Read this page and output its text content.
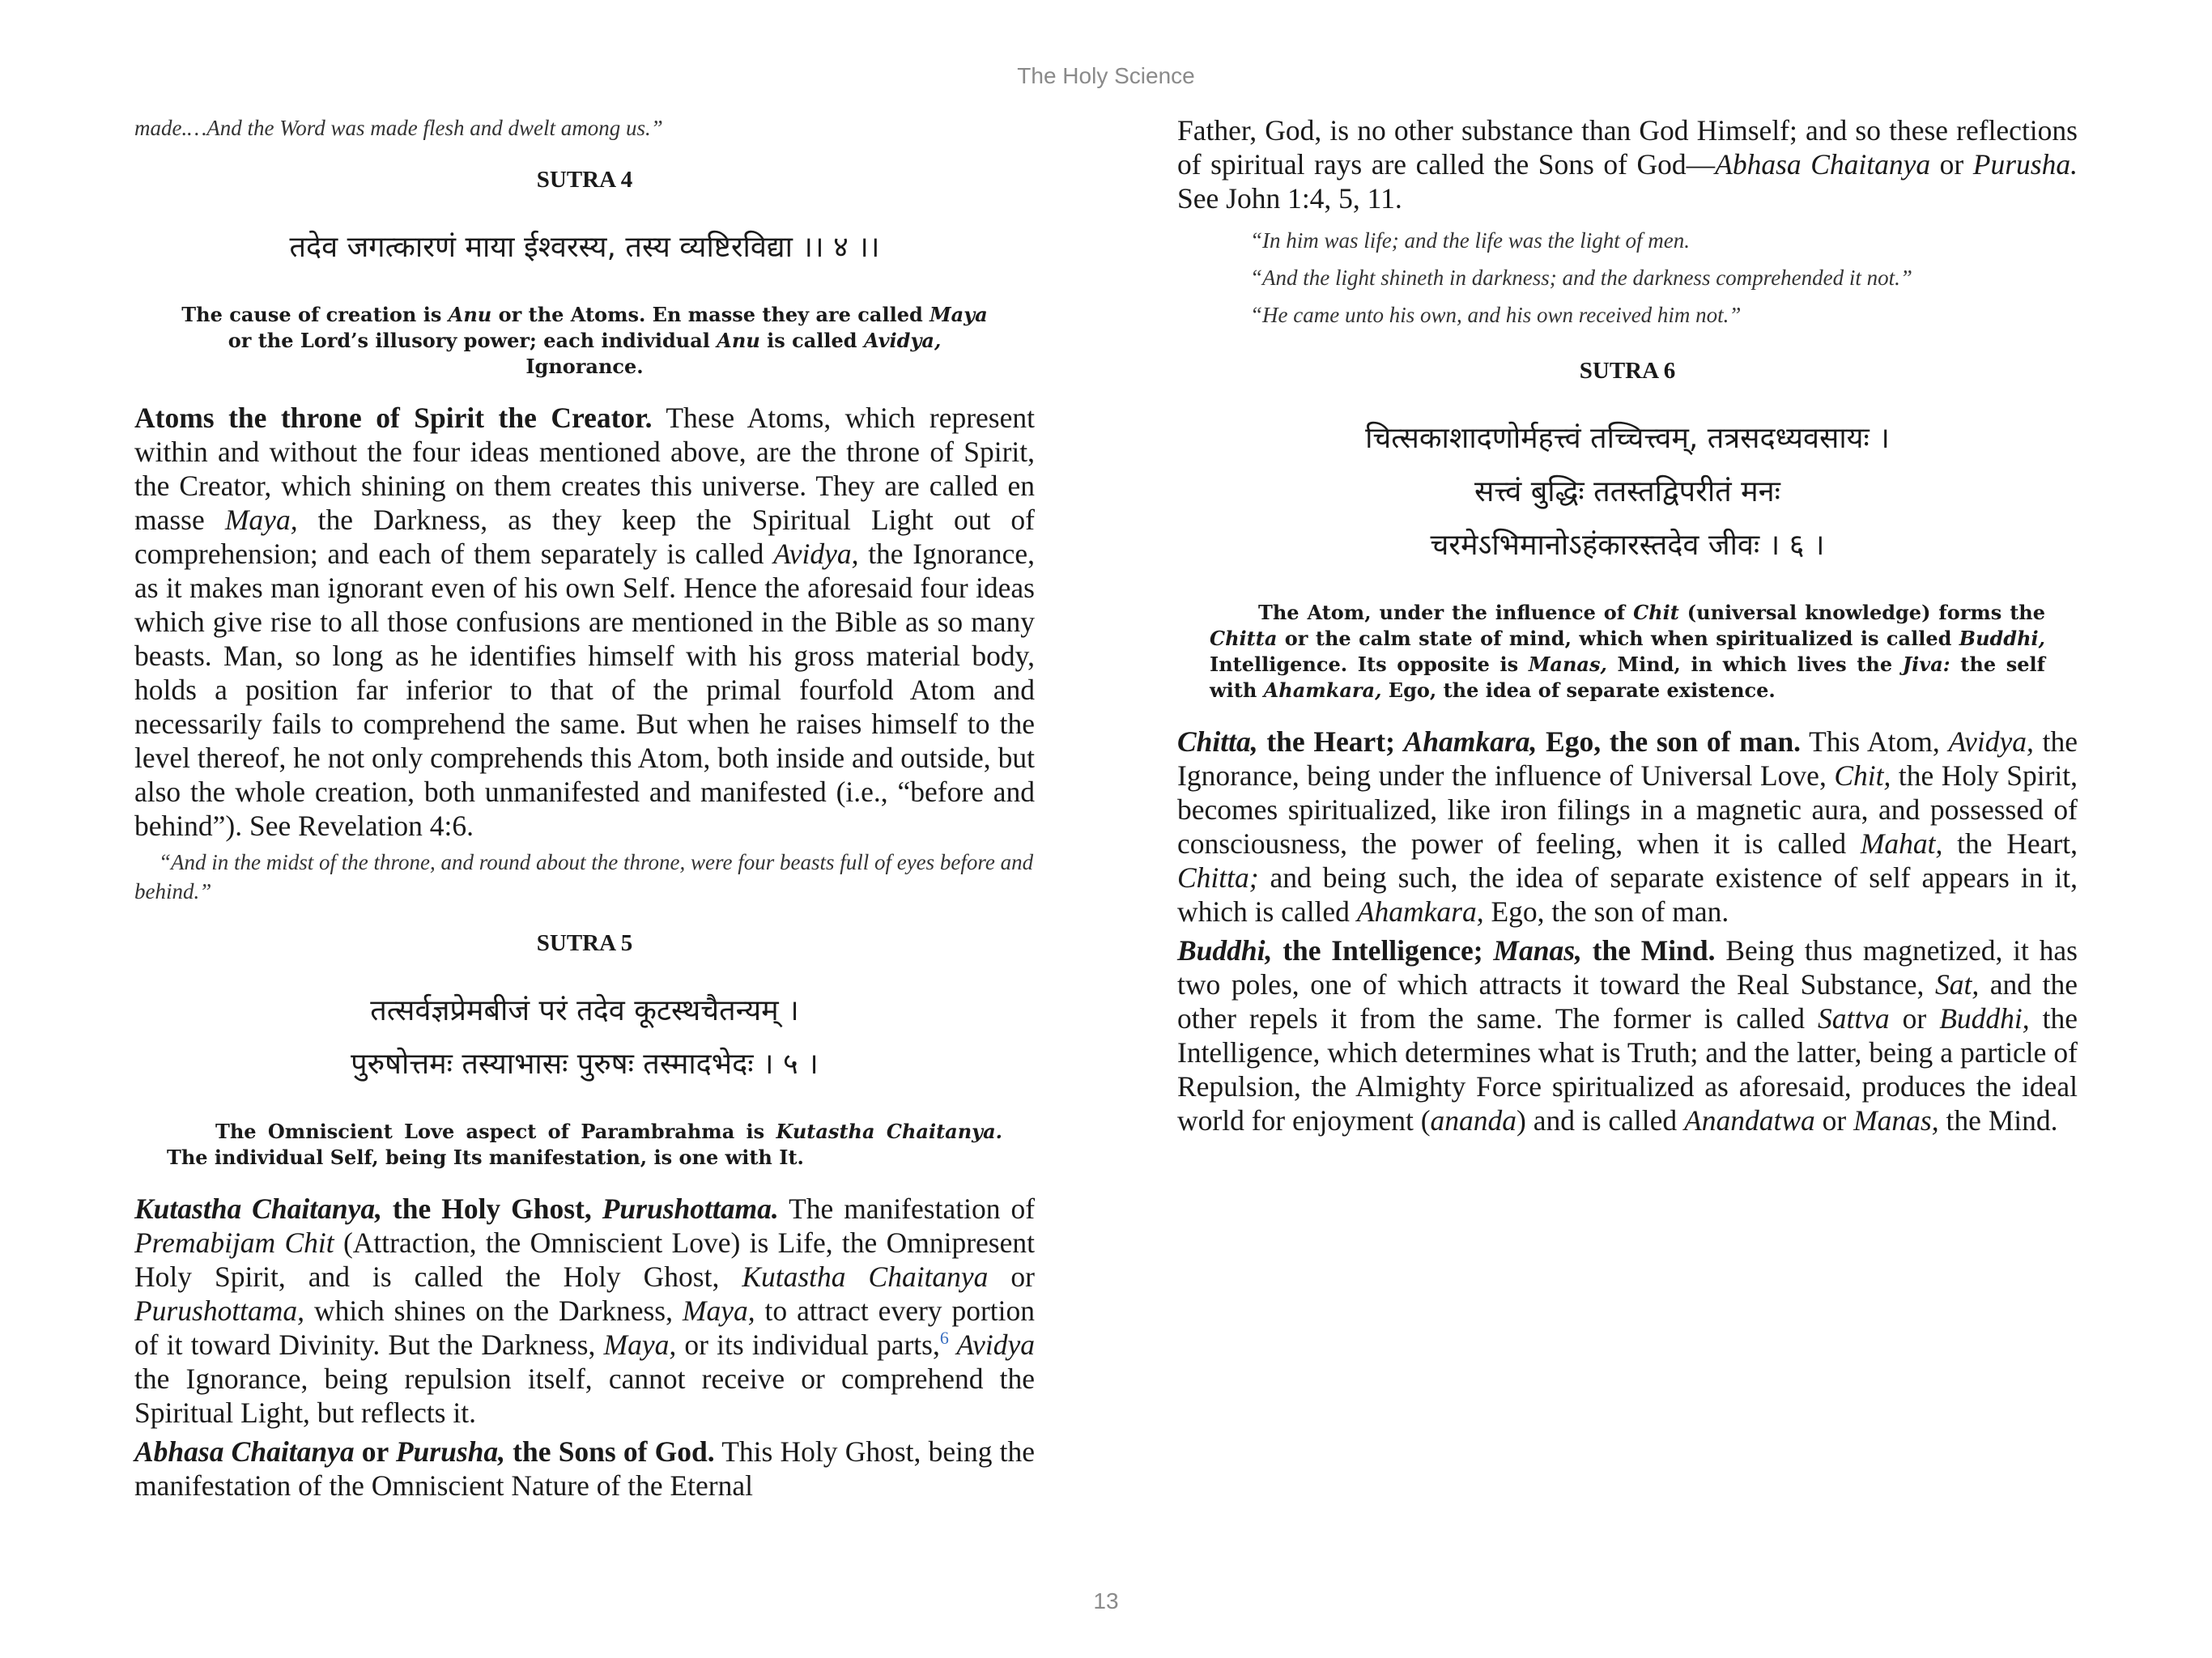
The Holy Science

made.…And the Word was made flesh and dwelt among us.”

SUTRA 4
तदेव जगत्कारणं माया ईश्वरस्य, तस्य व्यष्टिरविद्या ।। ४ ।।
The cause of creation is Anu or the Atoms. En masse they are called Maya or the Lord’s illusory power; each individual Anu is called Avidya, Ignorance.

Atoms the throne of Spirit the Creator. These Atoms, which represent within and without the four ideas mentioned above, are the throne of Spirit, the Creator, which shining on them creates this universe. They are called en masse Maya, the Darkness, as they keep the Spiritual Light out of comprehension; and each of them separately is called Avidya, the Ignorance, as it makes man ignorant even of his own Self. Hence the aforesaid four ideas which give rise to all those confusions are mentioned in the Bible as so many beasts. Man, so long as he identifies himself with his gross material body, holds a position far inferior to that of the primal fourfold Atom and necessarily fails to comprehend the same. But when he raises himself to the level thereof, he not only comprehends this Atom, both inside and outside, but also the whole creation, both unmanifested and manifested (i.e., “before and behind”). See Revelation 4:6.

“And in the midst of the throne, and round about the throne, were four beasts full of eyes before and behind.”

SUTRA 5
तत्सर्वज्ञप्रेमबीजं परं तदेव कूटस्थचैतन्यम् ।
पुरुषोत्तमः तस्याभासः पुरुषः तस्मादभेदः । ५ ।
The Omniscient Love aspect of Parambrahma is Kutastha Chaitanya. The individual Self, being Its manifestation, is one with It.

Kutastha Chaitanya, the Holy Ghost, Purushottama. The manifestation of Premabijam Chit (Attraction, the Omniscient Love) is Life, the Omnipresent Holy Spirit, and is called the Holy Ghost, Kutastha Chaitanya or Purushottama, which shines on the Darkness, Maya, to attract every portion of it toward Divinity. But the Darkness, Maya, or its individual parts,$^6$ Avidya the Ignorance, being repulsion itself, cannot receive or comprehend the Spiritual Light, but reflects it.

Abhasa Chaitanya or Purusha, the Sons of God. This Holy Ghost, being the manifestation of the Omniscient Nature of the Eternal

Father, God, is no other substance than God Himself; and so these reflections of spiritual rays are called the Sons of God—Abhasa Chaitanya or Purusha. See John 1:4, 5, 11.

“In him was life; and the life was the light of men.

“And the light shineth in darkness; and the darkness comprehended it not.”

“He came unto his own, and his own received him not.”

SUTRA 6
चित्सकाशादणोर्महत्त्वं तच्चित्त्वम्, तत्रसदध्यवसायः ।
सत्त्वं बुद्धिः ततस्तद्विपरीतं मनः
चरमेऽभिमानोऽहंकारस्तदेव जीवः । ६ ।
The Atom, under the influence of Chit (universal knowledge) forms the Chitta or the calm state of mind, which when spiritualized is called Buddhi, Intelligence. Its opposite is Manas, Mind, in which lives the Jiva: the self with Ahamkara, Ego, the idea of separate existence.

Chitta, the Heart; Ahamkara, Ego, the son of man. This Atom, Avidya, the Ignorance, being under the influence of Universal Love, Chit, the Holy Spirit, becomes spiritualized, like iron filings in a magnetic aura, and possessed of consciousness, the power of feeling, when it is called Mahat, the Heart, Chitta; and being such, the idea of separate existence of self appears in it, which is called Ahamkara, Ego, the son of man.

Buddhi, the Intelligence; Manas, the Mind. Being thus magnetized, it has two poles, one of which attracts it toward the Real Substance, Sat, and the other repels it from the same. The former is called Sattva or Buddhi, the Intelligence, which determines what is Truth; and the latter, being a particle of Repulsion, the Almighty Force spiritualized as aforesaid, produces the ideal world for enjoyment (ananda) and is called Anandatwa or Manas, the Mind.

13
